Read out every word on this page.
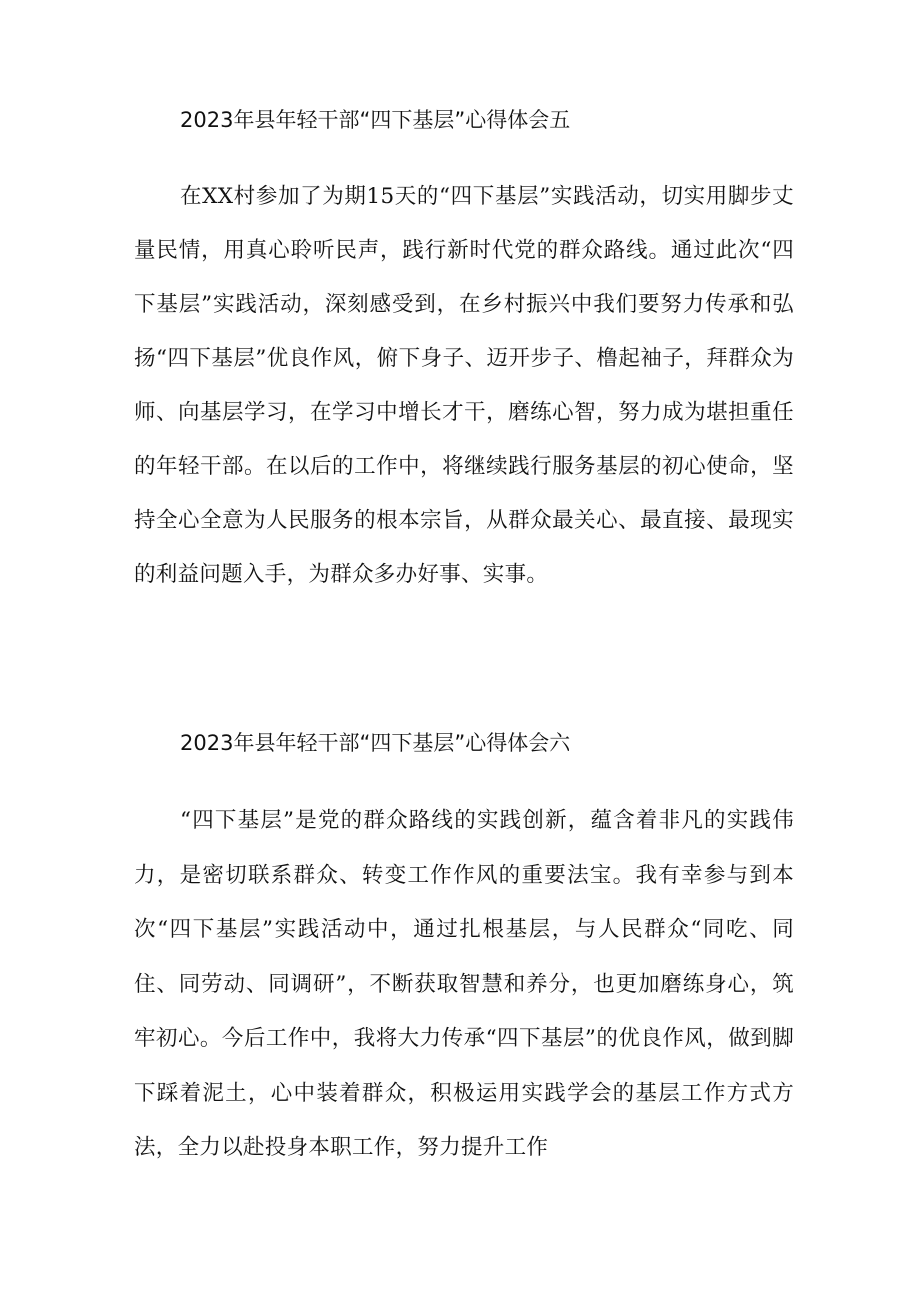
2023年县年轻干部“四下基层”心得体会五

在XX村参加了为期15天的“四下基层”实践活动，切实用脚步丈量民情，用真心聆听民声，践行新时代党的群众路线。通过此次“四下基层”实践活动，深刻感受到，在乡村振兴中我们要努力传承和弘扬“四下基层”优良作风，俯下身子、迈开步子、橹起袖子，拜群众为师、向基层学习，在学习中增长才干，磨练心智，努力成为堪担重任的年轻干部。在以后的工作中，将继续践行服务基层的初心使命，坚持全心全意为人民服务的根本宗旨，从群众最关心、最直接、最现实的利益问题入手，为群众多办好事、实事。

2023年县年轻干部“四下基层”心得体会六

“四下基层”是党的群众路线的实践创新，蕴含着非凡的实践伟力，是密切联系群众、转变工作作风的重要法宝。我有幸参与到本次“四下基层”实践活动中，通过扎根基层，与人民群众“同吃、同住、同劳动、同调研”，不断获取智慧和养分，也更加磨练身心，筑牢初心。今后工作中，我将大力传承“四下基层”的优良作风，做到脚下踩着泥土，心中装着群众，积极运用实践学会的基层工作方式方法，全力以赴投身本职工作，努力提升工作
